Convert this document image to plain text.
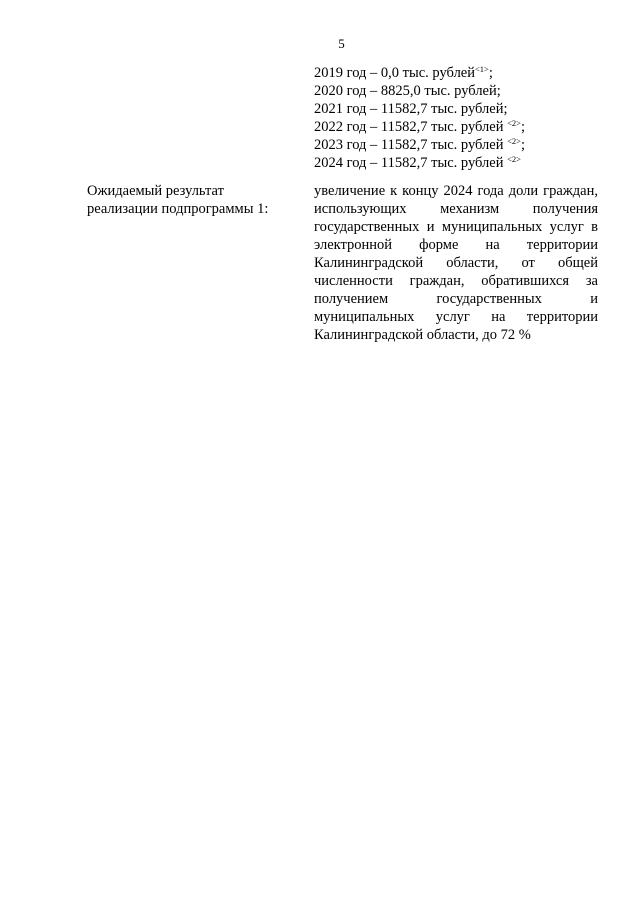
5
2019 год – 0,0 тыс. рублей$^{<1>}$;
2020 год – 8825,0 тыс. рублей;
2021 год – 11582,7 тыс. рублей;
2022 год – 11582,7 тыс. рублей $^{<2>}$;
2023 год – 11582,7 тыс. рублей $^{<2>}$;
2024 год – 11582,7 тыс. рублей $^{<2>}$
Ожидаемый результат реализации подпрограммы 1:
увеличение к концу 2024 года доли граждан, использующих механизм получения государственных и муниципальных услуг в электронной форме на территории Калининградской области, от общей численности граждан, обратившихся за получением государственных и муниципальных услуг на территории Калининградской области, до 72 %
